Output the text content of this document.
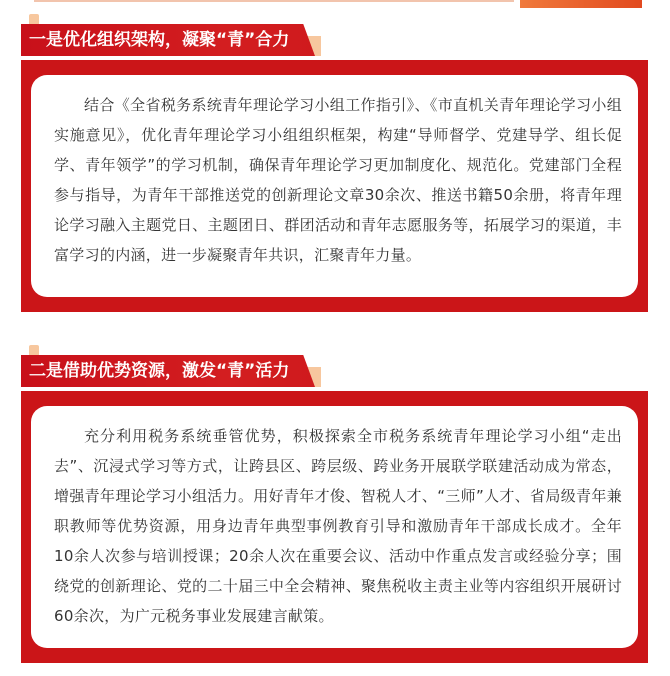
一是优化组织架构，凝聚“青”合力
结合《全省税务系统青年理论学习小组工作指引》、《市直机关青年理论学习小组实施意见》，优化青年理论学习小组组织框架，构建“导师督学、党建导学、组长促学、青年领学”的学习机制，确保青年理论学习更加制度化、规范化。党建部门全程参与指导，为青年干部推送党的创新理论文章30余次、推送书籍50余册，将青年理论学习融入主题党日、主题团日、群团活动和青年志愿服务等，拓展学习的渠道，丰富学习的内涵，进一步凝聚青年共识，汇聚青年力量。
二是借助优势资源，激发“青”活力
充分利用税务系统垂管优势，积极探索全市税务系统青年理论学习小组“走出去”、沉浸式学习等方式，让跨县区、跨层级、跨业务开展联学联建活动成为常态，增强青年理论学习小组活力。用好青年才俊、智税人才、“三师”人才、省局级青年兼职教师等优势资源，用身边青年典型事例教育引导和激励青年干部成长成才。全年10余人次参与培训授课；20余人次在重要会议、活动中作重点发言或经验分享；围绕党的创新理论、党的二十届三中全会精神、聚焦税收主责主业等内容组织开展研讨60余次，为广元税务事业发展建言献策。
